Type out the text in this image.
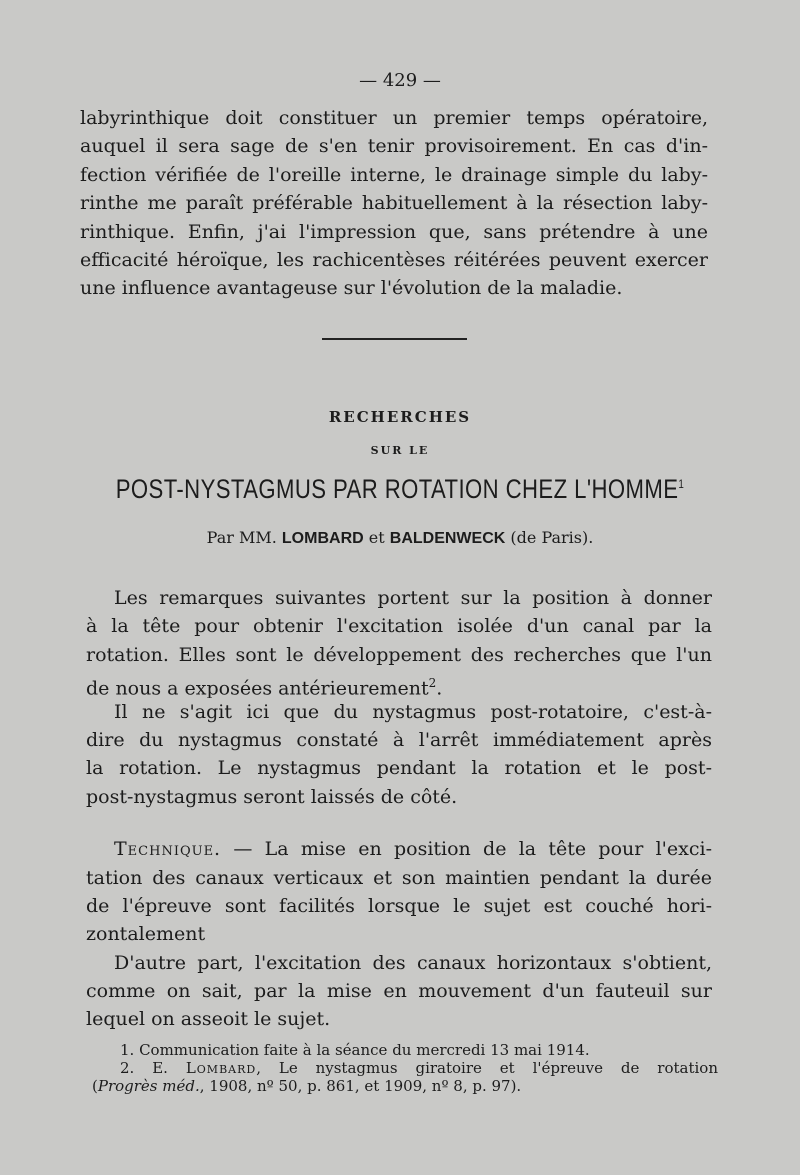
— 429 —
labyrinthique doit constituer un premier temps opératoire,
auquel il sera sage de s'en tenir provisoirement. En cas d'in-
fection vérifiée de l'oreille interne, le drainage simple du laby-
rinthe me paraît préférable habituellement à la résection laby-
rinthique. Enfin, j'ai l'impression que, sans prétendre à une
efficacité héroïque, les rachicentèses réitérées peuvent exercer
une influence avantageuse sur l'évolution de la maladie.
RECHERCHES
SUR LE
POST-NYSTAGMUS PAR ROTATION CHEZ L'HOMME$^1$
Par MM. LOMBARD et BALDENWECK (de Paris).
Les remarques suivantes portent sur la position à donner
à la tête pour obtenir l'excitation isolée d'un canal par la
rotation. Elles sont le développement des recherches que l'un
de nous a exposées antérieurement$^2$.
Il ne s'agit ici que du nystagmus post-rotatoire, c'est-à-
dire du nystagmus constaté à l'arrêt immédiatement après
la rotation. Le nystagmus pendant la rotation et le post-
post-nystagmus seront laissés de côté.
Technique. — La mise en position de la tête pour l'exci-
tation des canaux verticaux et son maintien pendant la durée
de l'épreuve sont facilités lorsque le sujet est couché hori-
zontalement
D'autre part, l'excitation des canaux horizontaux s'obtient,
comme on sait, par la mise en mouvement d'un fauteuil sur
lequel on asseoit le sujet.
1. Communication faite à la séance du mercredi 13 mai 1914.
2. E. Lombard, Le nystagmus giratoire et l'épreuve de rotation
(Progrès méd., 1908, nº 50, p. 861, et 1909, nº 8, p. 97).
